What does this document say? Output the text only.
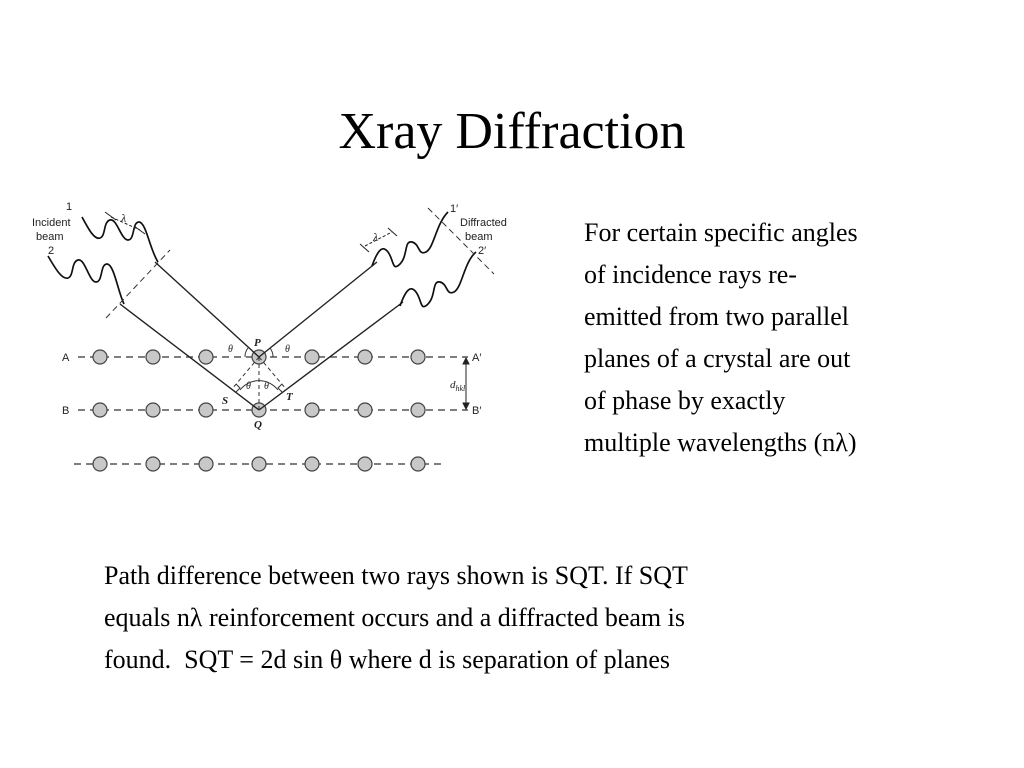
Xray Diffraction
1
Incident
beam
2
1′
Diffracted
beam
2′
λ
λ
A	A′
B	B′
P
Q
S	T
θ	θ
θ θ	$d_{hkl}$
For certain specific angles
of incidence rays re-
emitted from two parallel
planes of a crystal are out
of phase by exactly
multiple wavelengths (nλ)
Path difference between two rays shown is SQT. If SQT
equals nλ reinforcement occurs and a diffracted beam is
found.  SQT = 2d sin θ where d is separation of planes
